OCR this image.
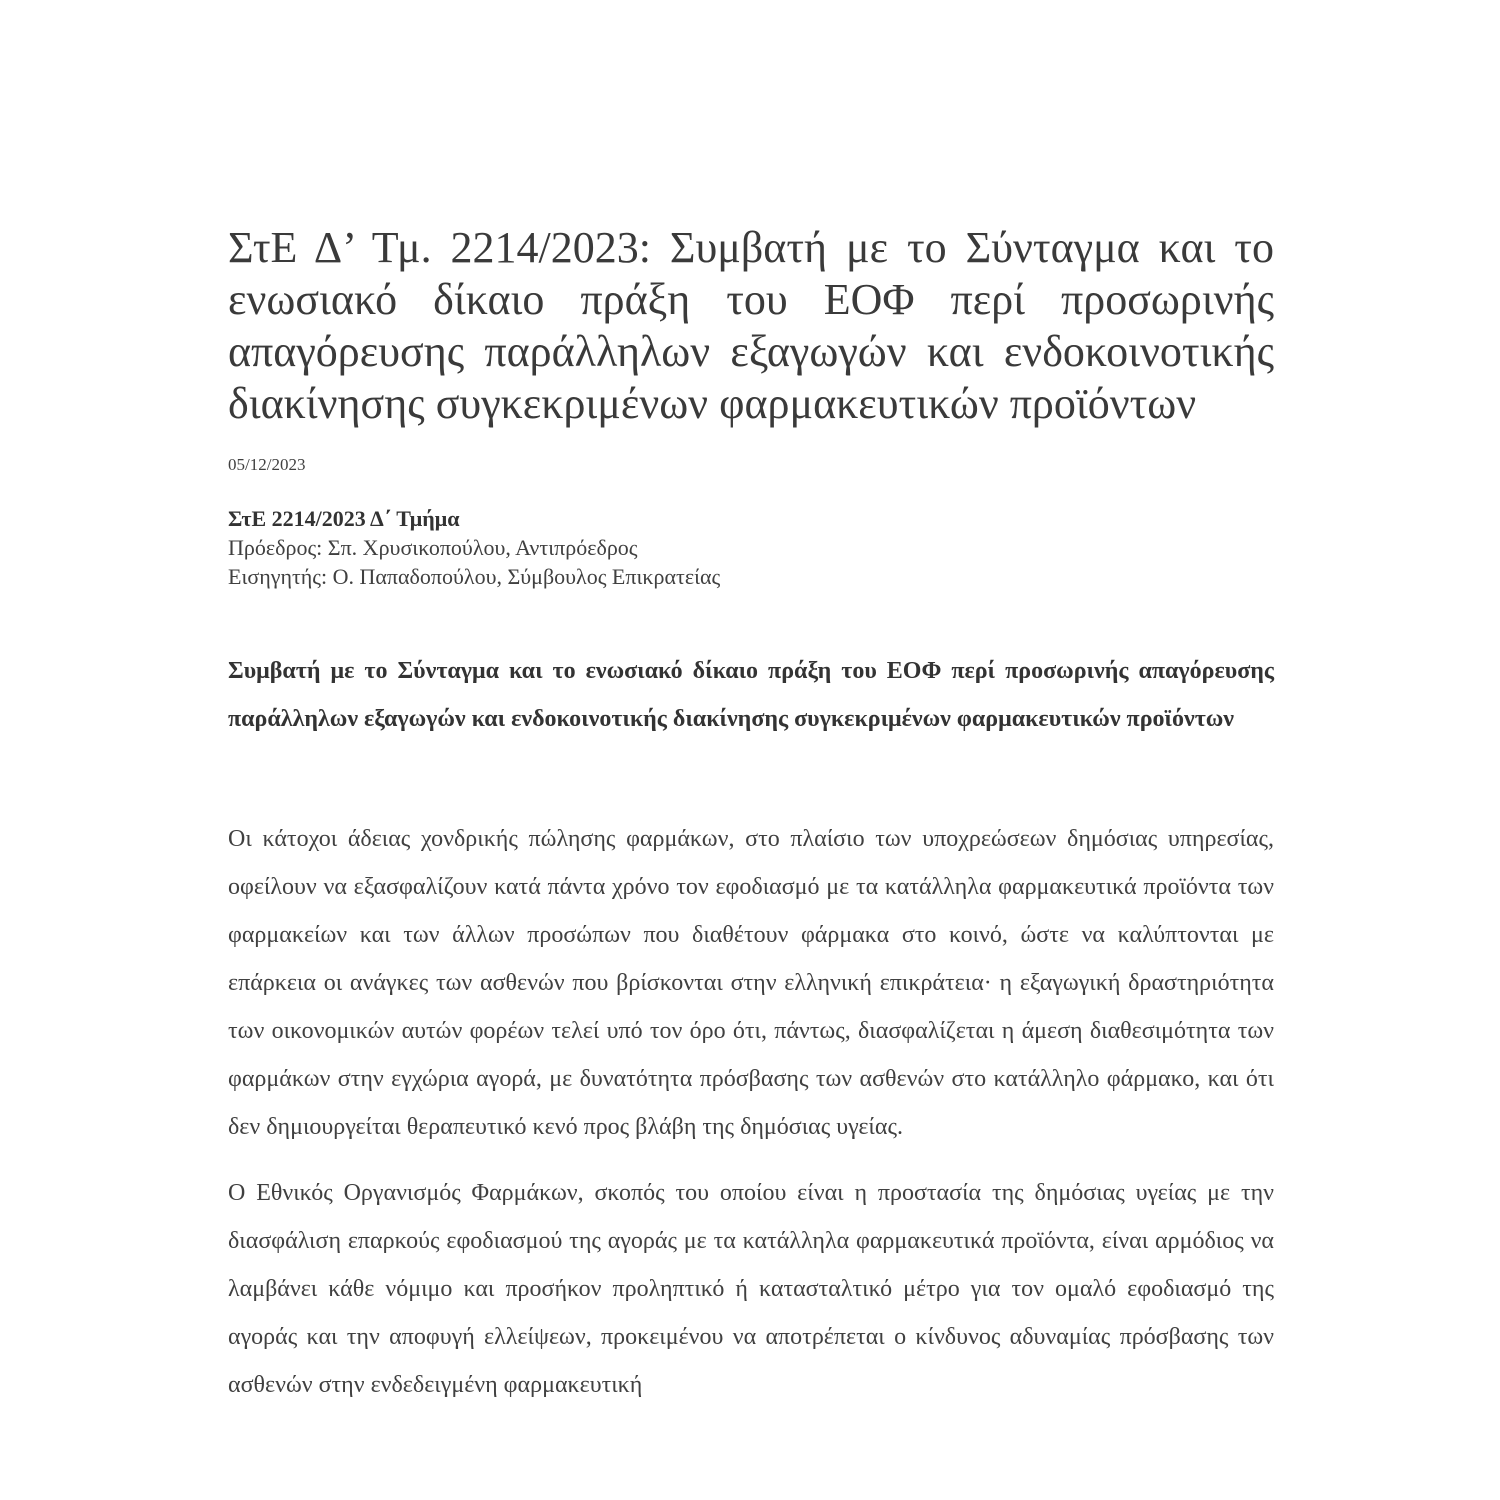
ΣτΕ Δ’ Τμ. 2214/2023: Συμβατή με το Σύνταγμα και το ενωσιακό δίκαιο πράξη του ΕΟΦ περί προσωρινής απαγόρευσης παράλληλων εξαγωγών και ενδοκοινοτικής διακίνησης συγκεκριμένων φαρμακευτικών προϊόντων
05/12/2023
ΣτΕ 2214/2023 Δ΄ Τμήμα
Πρόεδρος: Σπ. Χρυσικοπούλου, Αντιπρόεδρος
Εισηγητής: Ο. Παπαδοπούλου, Σύμβουλος Επικρατείας
Συμβατή με το Σύνταγμα και το ενωσιακό δίκαιο πράξη του ΕΟΦ περί προσωρινής απαγόρευσης παράλληλων εξαγωγών και ενδοκοινοτικής διακίνησης συγκεκριμένων φαρμακευτικών προϊόντων

Οι κάτοχοι άδειας χονδρικής πώλησης φαρμάκων, στο πλαίσιο των υποχρεώσεων δημόσιας υπηρεσίας, οφείλουν να εξασφαλίζουν κατά πάντα χρόνο τον εφοδιασμό με τα κατάλληλα φαρμακευτικά προϊόντα των φαρμακείων και των άλλων προσώπων που διαθέτουν φάρμακα στο κοινό, ώστε να καλύπτονται με επάρκεια οι ανάγκες των ασθενών που βρίσκονται στην ελληνική επικράτεια· η εξαγωγική δραστηριότητα των οικονομικών αυτών φορέων τελεί υπό τον όρο ότι, πάντως, διασφαλίζεται η άμεση διαθεσιμότητα των φαρμάκων στην εγχώρια αγορά, με δυνατότητα πρόσβασης των ασθενών στο κατάλληλο φάρμακο, και ότι δεν δημιουργείται θεραπευτικό κενό προς βλάβη της δημόσιας υγείας.

Ο Εθνικός Οργανισμός Φαρμάκων, σκοπός του οποίου είναι η προστασία της δημόσιας υγείας με την διασφάλιση επαρκούς εφοδιασμού της αγοράς με τα κατάλληλα φαρμακευτικά προϊόντα, είναι αρμόδιος να λαμβάνει κάθε νόμιμο και προσήκον προληπτικό ή κατασταλτικό μέτρο για τον ομαλό εφοδιασμό της αγοράς και την αποφυγή ελλείψεων, προκειμένου να αποτρέπεται ο κίνδυνος αδυναμίας πρόσβασης των ασθενών στην ενδεδειγμένη φαρμακευτική
